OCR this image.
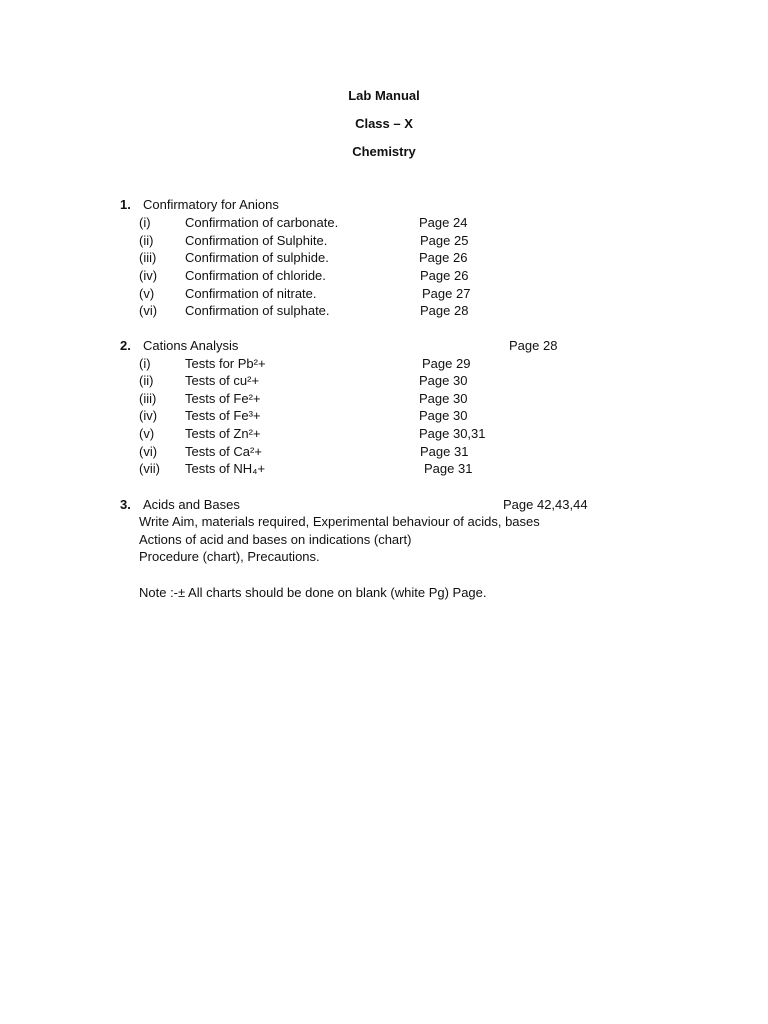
Lab Manual
Class – X
Chemistry
1. Confirmatory for Anions
(i)	Confirmation of carbonate.	Page 24
(ii) Confirmation of Sulphite.	Page 25
(iii) Confirmation of sulphide.	Page 26
(iv) Confirmation of chloride.	Page 26
(v) Confirmation of nitrate.	Page 27
(vi) Confirmation of sulphate.	Page 28
2. Cations Analysis	Page 28
(i)	Tests for Pb²+	Page 29
(ii) Tests of cu²+	Page 30
(iii) Tests of Fe²+	Page 30
(iv) Tests of Fe³+	Page 30
(v) Tests of Zn²+	Page 30,31
(vi) Tests of Ca²+	Page 31
(vii) Tests of NH₄+	Page 31
3. Acids and Bases	Page 42,43,44
Write Aim, materials required, Experimental behaviour of acids, bases
Actions of acid and bases on indications (chart)
Procedure (chart), Precautions.
Note :-± All charts should be done on blank (white Pg) Page.
